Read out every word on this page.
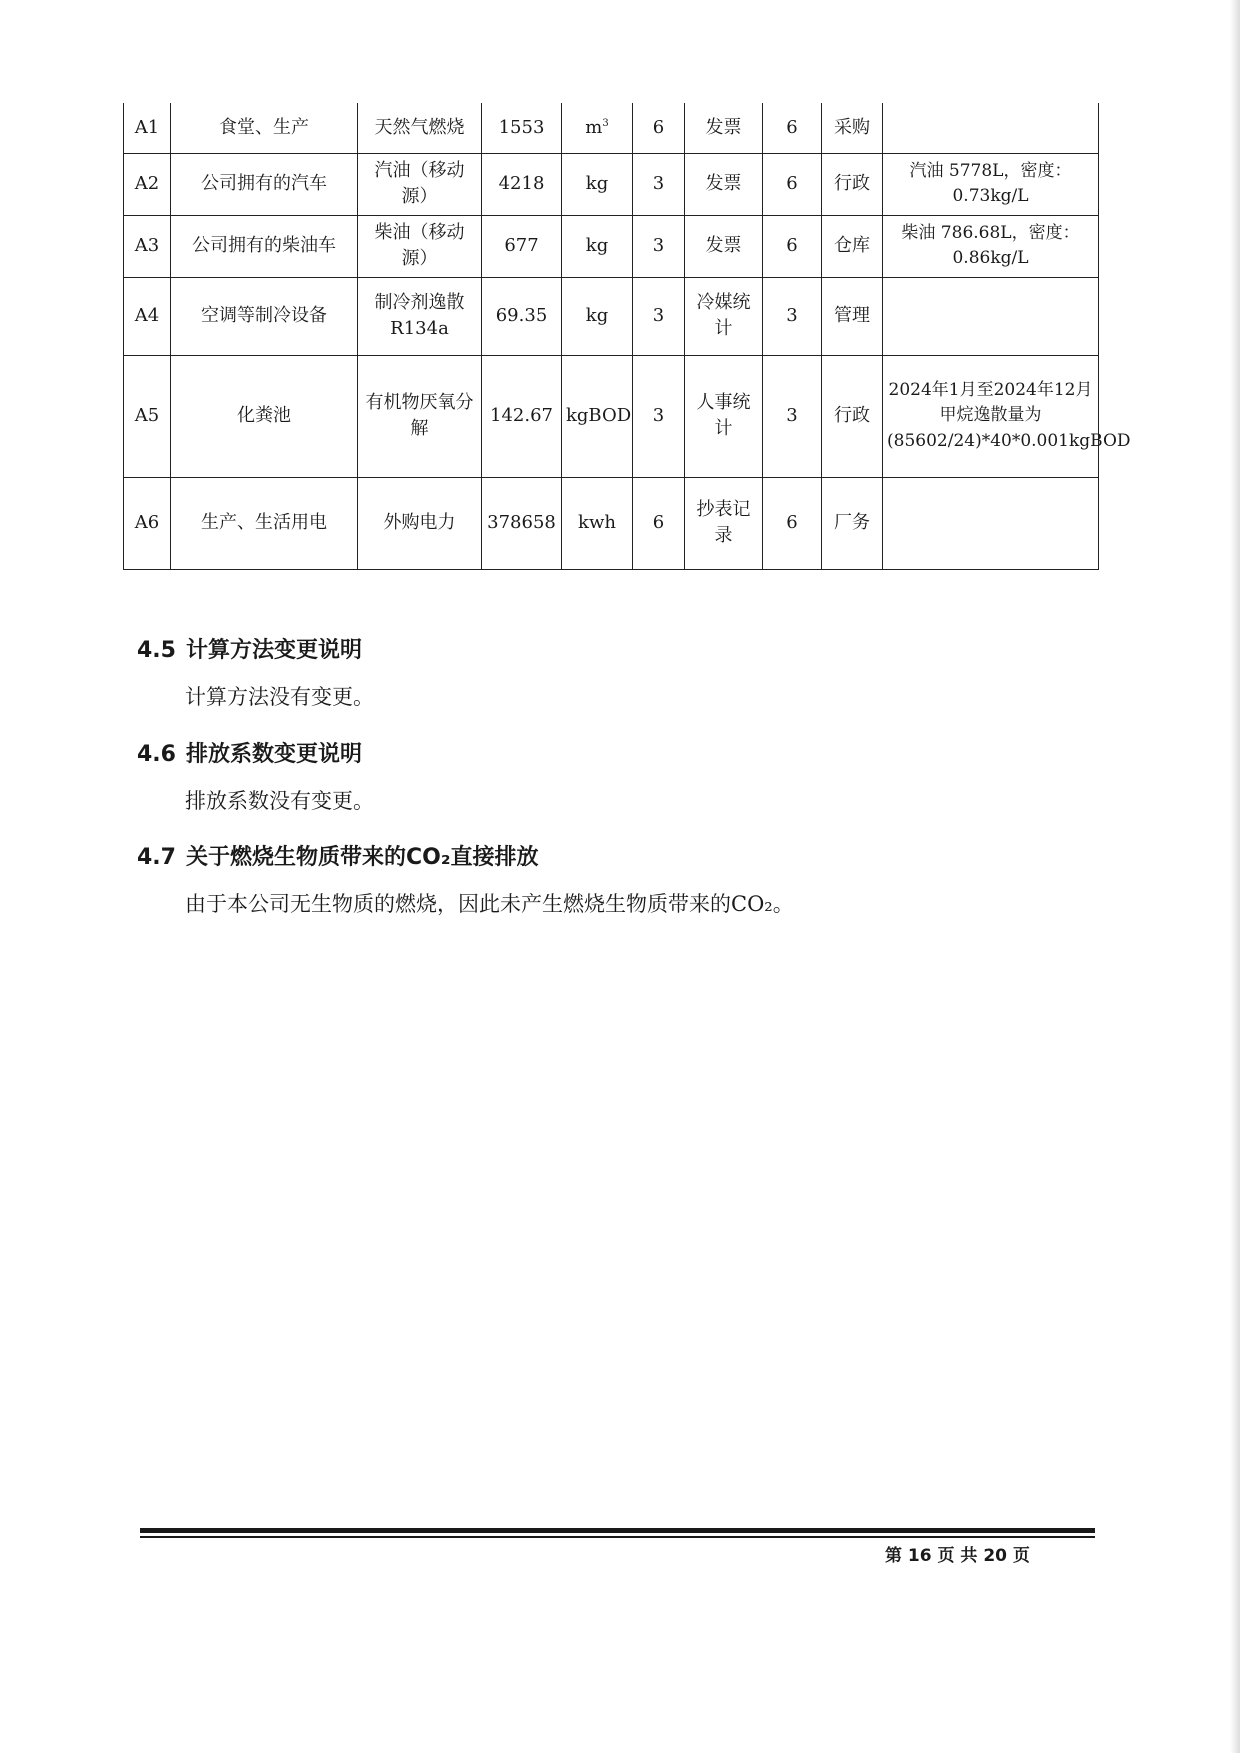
A1	食堂、生产	天然气燃烧	1553	$m^3$	6	发票	6	采购	
A2	公司拥有的汽车	汽油（移动源）	4218	kg	3	发票	6	行政	汽油 5778L，密度：0.73kg/L
A3	公司拥有的柴油车	柴油（移动源）	677	kg	3	发票	6	仓库	柴油 786.68L，密度：0.86kg/L
A4	空调等制冷设备	制冷剂逸散R134a	69.35	kg	3	冷媒统计	3	管理	
A5	化粪池	有机物厌氧分解	142.67	kgBOD	3	人事统计	3	行政	2024年1月至2024年12月甲烷逸散量为(85602/24)*40*0.001kgBOD
A6	生产、生活用电	外购电力	378658	kwh	6	抄表记录	6	厂务	
4.5 计算方法变更说明
计算方法没有变更。
4.6 排放系数变更说明
排放系数没有变更。
4.7 关于燃烧生物质带来的CO₂直接排放
由于本公司无生物质的燃烧，因此未产生燃烧生物质带来的CO₂。
第 16 页 共 20 页
